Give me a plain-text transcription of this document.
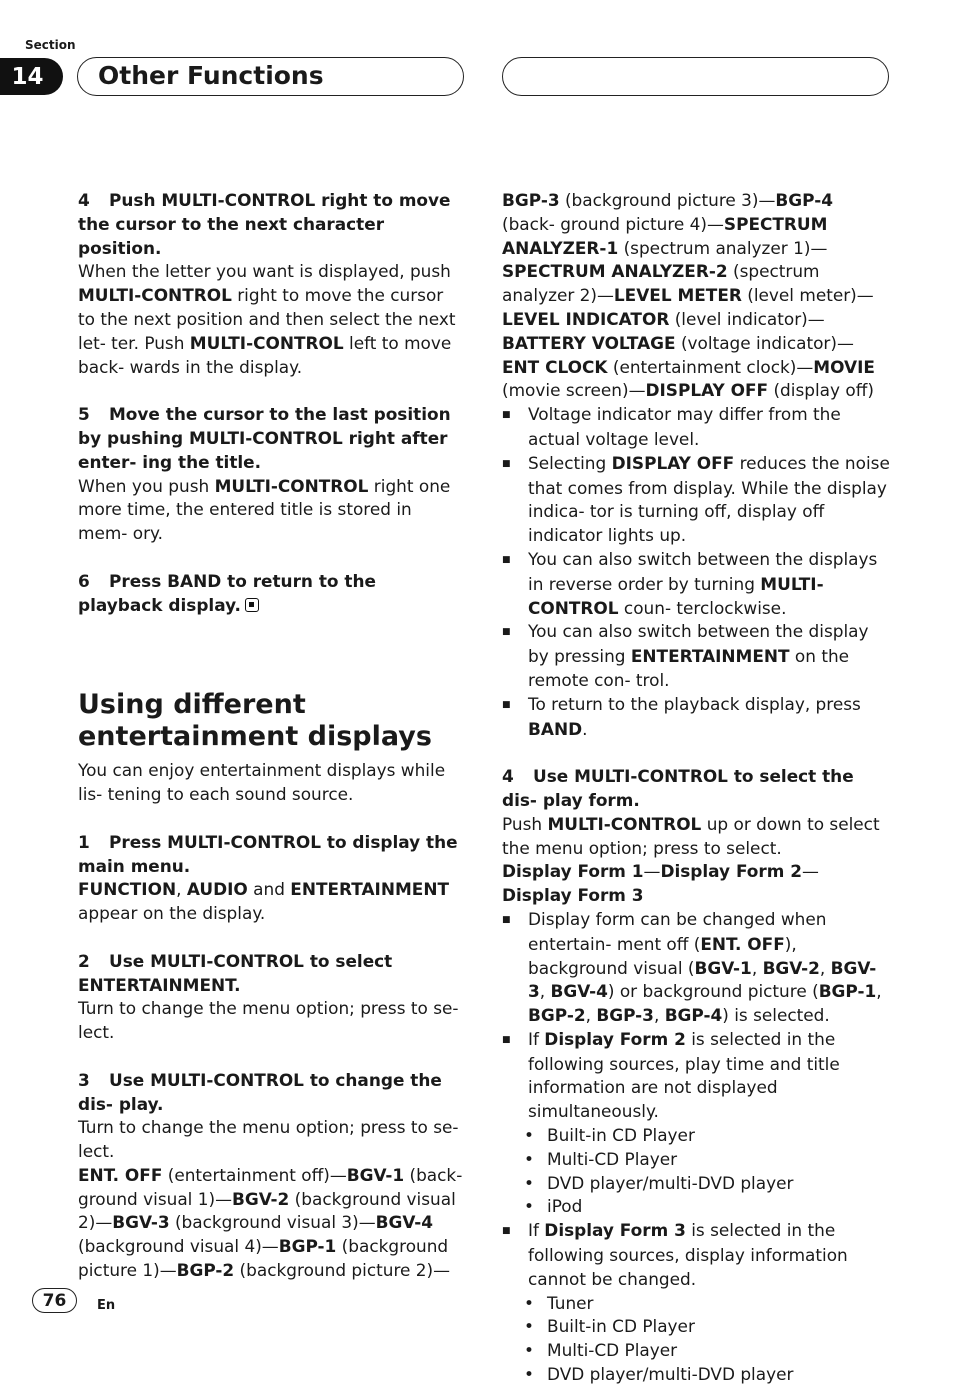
Section
14	Other Functions

4 Push MULTI-CONTROL right to move the cursor to the next character position.

When the letter you want is displayed, push MULTI-CONTROL right to move the cursor to the next position and then select the next let- ter. Push MULTI-CONTROL left to move back- wards in the display.

5 Move the cursor to the last position by pushing MULTI-CONTROL right after enter- ing the title.

When you push MULTI-CONTROL right one more time, the entered title is stored in mem- ory.

6 Press BAND to return to the playback display.

Using different entertainment displays

You can enjoy entertainment displays while lis- tening to each sound source.

1 Press MULTI-CONTROL to display the main menu.

FUNCTION, AUDIO and ENTERTAINMENT appear on the display.

2 Use MULTI-CONTROL to select ENTERTAINMENT.

Turn to change the menu option; press to se- lect.

3 Use MULTI-CONTROL to change the dis- play.

Turn to change the menu option; press to se- lect.

ENT. OFF (entertainment off)—BGV-1 (back- ground visual 1)—BGV-2 (background visual 2)—BGV-3 (background visual 3)—BGV-4 (background visual 4)—BGP-1 (background picture 1)—BGP-2 (background picture 2)—

BGP-3 (background picture 3)—BGP-4 (back- ground picture 4)—SPECTRUM ANALYZER-1 (spectrum analyzer 1)— SPECTRUM ANALYZER-2 (spectrum analyzer 2)—LEVEL METER (level meter)— LEVEL INDICATOR (level indicator)— BATTERY VOLTAGE (voltage indicator)— ENT CLOCK (entertainment clock)—MOVIE (movie screen)—DISPLAY OFF (display off)

■ Voltage indicator may differ from the actual voltage level.

■ Selecting DISPLAY OFF reduces the noise that comes from display. While the display indica- tor is turning off, display off indicator lights up.

■ You can also switch between the displays in reverse order by turning MULTI-CONTROL coun- terclockwise.

■ You can also switch between the display by pressing ENTERTAINMENT on the remote con- trol.

■ To return to the playback display, press BAND.

4 Use MULTI-CONTROL to select the dis- play form.

Push MULTI-CONTROL up or down to select the menu option; press to select.

Display Form 1—Display Form 2— Display Form 3

■ Display form can be changed when entertain- ment off (ENT. OFF), background visual (BGV-1, BGV-2, BGV-3, BGV-4) or background picture (BGP-1, BGP-2, BGP-3, BGP-4) is selected.

■ If Display Form 2 is selected in the following sources, play time and title information are not displayed simultaneously.

• Built-in CD Player

• Multi-CD Player

• DVD player/multi-DVD player

• iPod

■ If Display Form 3 is selected in the following sources, display information cannot be changed.

• Tuner

• Built-in CD Player

• Multi-CD Player

• DVD player/multi-DVD player

76	En
